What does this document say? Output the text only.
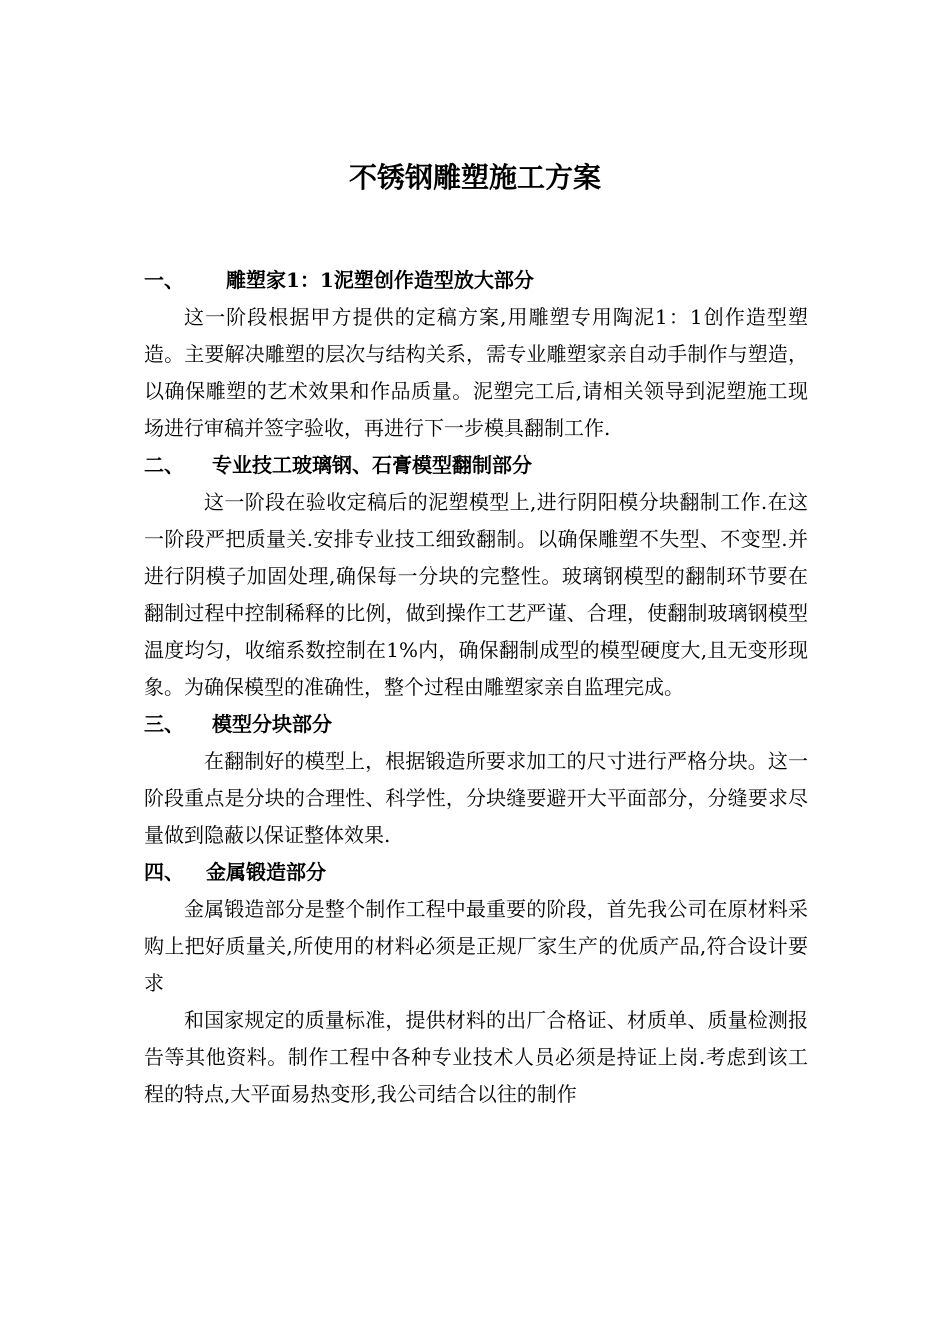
不锈钢雕塑施工方案
一、 雕塑家1：1泥塑创作造型放大部分

这一阶段根据甲方提供的定稿方案,用雕塑专用陶泥1：1创作造型塑造。主要解决雕塑的层次与结构关系，需专业雕塑家亲自动手制作与塑造，以确保雕塑的艺术效果和作品质量。泥塑完工后,请相关领导到泥塑施工现场进行审稿并签字验收，再进行下一步模具翻制工作.

二、 专业技工玻璃钢、石膏模型翻制部分

这一阶段在验收定稿后的泥塑模型上,进行阴阳模分块翻制工作.在这一阶段严把质量关.安排专业技工细致翻制。以确保雕塑不失型、不变型.并进行阴模子加固处理,确保每一分块的完整性。玻璃钢模型的翻制环节要在翻制过程中控制稀释的比例，做到操作工艺严谨、合理，使翻制玻璃钢模型温度均匀，收缩系数控制在1%内，确保翻制成型的模型硬度大,且无变形现象。为确保模型的准确性，整个过程由雕塑家亲自监理完成。

三、 模型分块部分

在翻制好的模型上，根据锻造所要求加工的尺寸进行严格分块。这一阶段重点是分块的合理性、科学性，分块缝要避开大平面部分，分缝要求尽量做到隐蔽以保证整体效果.

四、 金属锻造部分

金属锻造部分是整个制作工程中最重要的阶段，首先我公司在原材料采购上把好质量关,所使用的材料必须是正规厂家生产的优质产品,符合设计要求

和国家规定的质量标准，提供材料的出厂合格证、材质单、质量检测报告等其他资料。制作工程中各种专业技术人员必须是持证上岗.考虑到该工程的特点,大平面易热变形,我公司结合以往的制作
